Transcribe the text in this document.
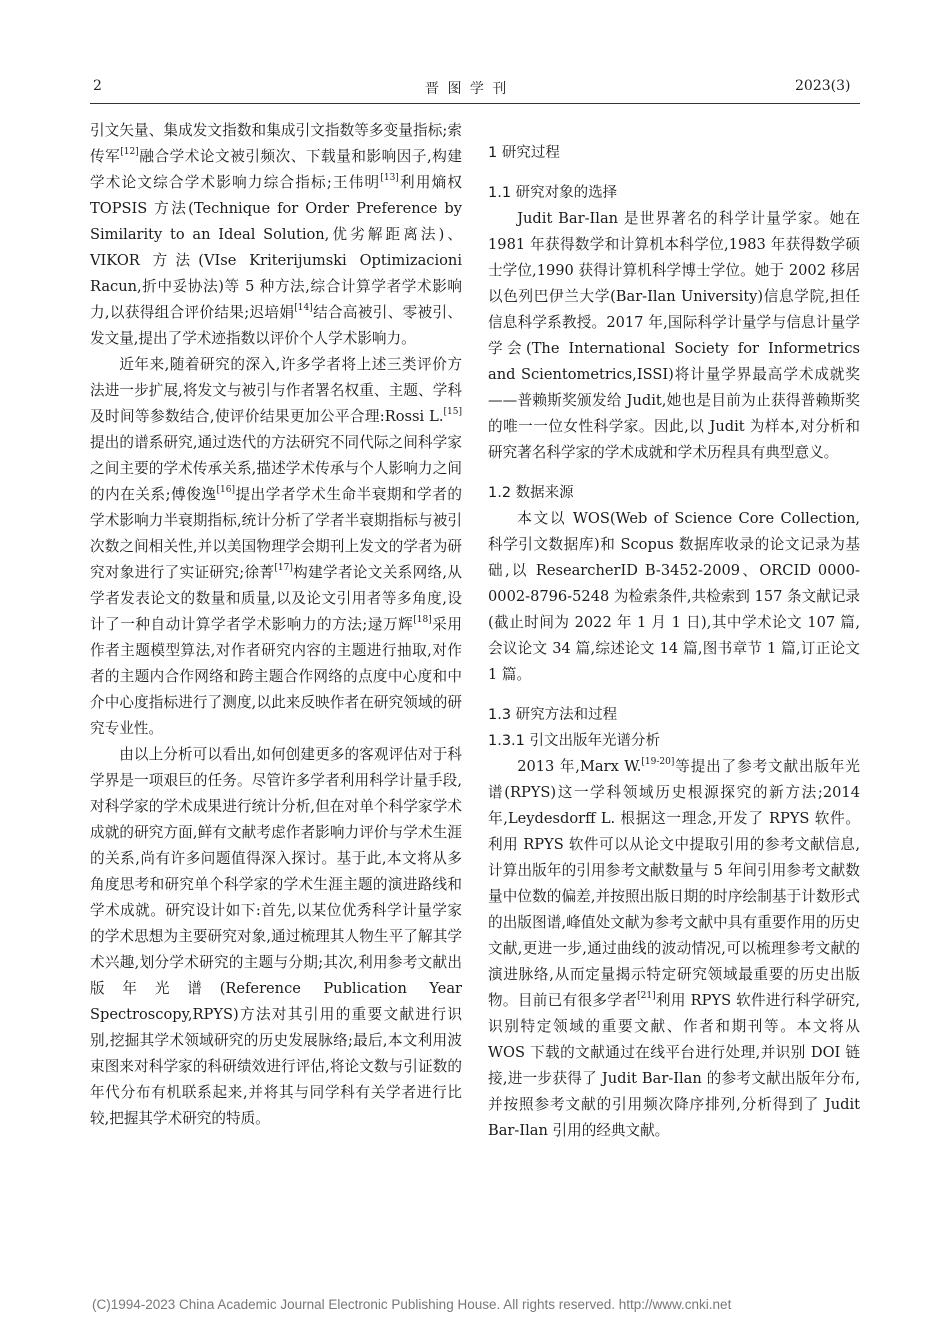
2	晋 图 学 刊	2023(3)

引文矢量、集成发文指数和集成引文指数等多变量指标;索传军[12]融合学术论文被引频次、下载量和影响因子,构建学术论文综合学术影响力综合指标;王伟明[13]利用熵权 TOPSIS 方法(Technique for Order Preference by Similarity to an Ideal Solution,优劣解距离法)、VIKOR 方法(VIse Kriterijumski Optimizacioni Racun,折中妥协法)等 5 种方法,综合计算学者学术影响力,以获得组合评价结果;迟培娟[14]结合高被引、零被引、发文量,提出了学术迹指数以评价个人学术影响力。

近年来,随着研究的深入,许多学者将上述三类评价方法进一步扩展,将发文与被引与作者署名权重、主题、学科及时间等参数结合,使评价结果更加公平合理:Rossi L.[15]提出的谱系研究,通过迭代的方法研究不同代际之间科学家之间主要的学术传承关系,描述学术传承与个人影响力之间的内在关系;傅俊逸[16]提出学者学术生命半衰期和学者的学术影响力半衰期指标,统计分析了学者半衰期指标与被引次数之间相关性,并以美国物理学会期刊上发文的学者为研究对象进行了实证研究;徐菁[17]构建学者论文关系网络,从学者发表论文的数量和质量,以及论文引用者等多角度,设计了一种自动计算学者学术影响力的方法;逯万辉[18]采用作者主题模型算法,对作者研究内容的主题进行抽取,对作者的主题内合作网络和跨主题合作网络的点度中心度和中介中心度指标进行了测度,以此来反映作者在研究领域的研究专业性。

由以上分析可以看出,如何创建更多的客观评估对于科学界是一项艰巨的任务。尽管许多学者利用科学计量手段,对科学家的学术成果进行统计分析,但在对单个科学家学术成就的研究方面,鲜有文献考虑作者影响力评价与学术生涯的关系,尚有许多问题值得深入探讨。基于此,本文将从多角度思考和研究单个科学家的学术生涯主题的演进路线和学术成就。研究设计如下:首先,以某位优秀科学计量学家的学术思想为主要研究对象,通过梳理其人物生平了解其学术兴趣,划分学术研究的主题与分期;其次,利用参考文献出版年光谱(Reference Publication Year Spectroscopy,RPYS)方法对其引用的重要文献进行识别,挖掘其学术领域研究的历史发展脉络;最后,本文利用波束图来对科学家的科研绩效进行评估,将论文数与引证数的年代分布有机联系起来,并将其与同学科有关学者进行比较,把握其学术研究的特质。

1 研究过程

1.1 研究对象的选择

Judit Bar-Ilan 是世界著名的科学计量学家。她在 1981 年获得数学和计算机本科学位,1983 年获得数学硕士学位,1990 获得计算机科学博士学位。她于 2002 移居以色列巴伊兰大学(Bar-Ilan University)信息学院,担任信息科学系教授。2017 年,国际科学计量学与信息计量学学会(The International Society for Informetrics and Scientometrics,ISSI)将计量学界最高学术成就奖——普赖斯奖颁发给 Judit,她也是目前为止获得普赖斯奖的唯一一位女性科学家。因此,以 Judit 为样本,对分析和研究著名科学家的学术成就和学术历程具有典型意义。

1.2 数据来源

本文以 WOS(Web of Science Core Collection,科学引文数据库)和 Scopus 数据库收录的论文记录为基础,以 ResearcherID B-3452-2009、ORCID 0000-0002-8796-5248 为检索条件,共检索到 157 条文献记录(截止时间为 2022 年 1 月 1 日),其中学术论文 107 篇,会议论文 34 篇,综述论文 14 篇,图书章节 1 篇,订正论文 1 篇。

1.3 研究方法和过程

1.3.1 引文出版年光谱分析

2013 年,Marx W.[19-20]等提出了参考文献出版年光谱(RPYS)这一学科领域历史根源探究的新方法;2014 年,Leydesdorff L. 根据这一理念,开发了 RPYS 软件。利用 RPYS 软件可以从论文中提取引用的参考文献信息,计算出版年的引用参考文献数量与 5 年间引用参考文献数量中位数的偏差,并按照出版日期的时序绘制基于计数形式的出版图谱,峰值处文献为参考文献中具有重要作用的历史文献,更进一步,通过曲线的波动情况,可以梳理参考文献的演进脉络,从而定量揭示特定研究领域最重要的历史出版物。目前已有很多学者[21]利用 RPYS 软件进行科学研究,识别特定领域的重要文献、作者和期刊等。本文将从 WOS 下载的文献通过在线平台进行处理,并识别 DOI 链接,进一步获得了 Judit Bar-Ilan 的参考文献出版年分布,并按照参考文献的引用频次降序排列,分析得到了 Judit Bar-Ilan 引用的经典文献。

(C)1994-2023 China Academic Journal Electronic Publishing House. All rights reserved. http://www.cnki.net
